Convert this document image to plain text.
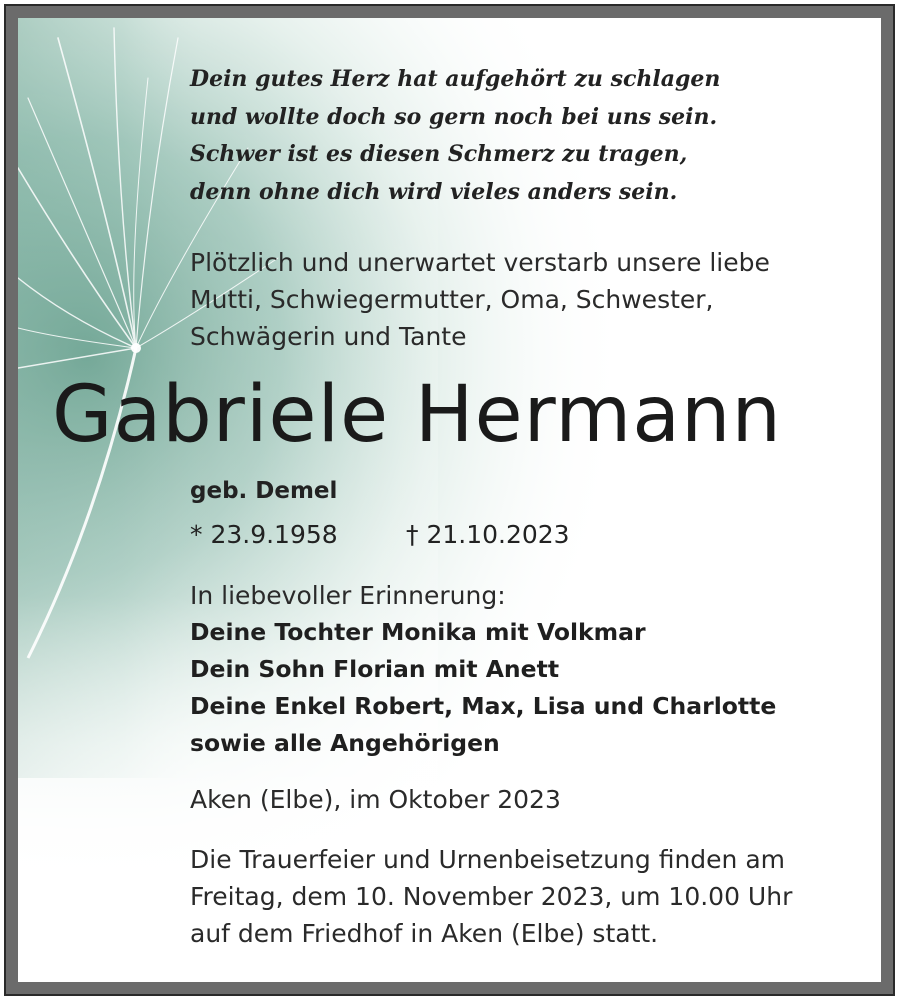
Dein gutes Herz hat aufgehört zu schlagen
und wollte doch so gern noch bei uns sein.
Schwer ist es diesen Schmerz zu tragen,
denn ohne dich wird vieles anders sein.
Plötzlich und unerwartet verstarb unsere liebe
Mutti, Schwiegermutter, Oma, Schwester,
Schwägerin und Tante
Gabriele Hermann
geb. Demel
* 23.9.1958	† 21.10.2023
In liebevoller Erinnerung:
Deine Tochter Monika mit Volkmar
Dein Sohn Florian mit Anett
Deine Enkel Robert, Max, Lisa und Charlotte
sowie alle Angehörigen
Aken (Elbe), im Oktober 2023
Die Trauerfeier und Urnenbeisetzung finden am
Freitag, dem 10. November 2023, um 10.00 Uhr
auf dem Friedhof in Aken (Elbe) statt.
